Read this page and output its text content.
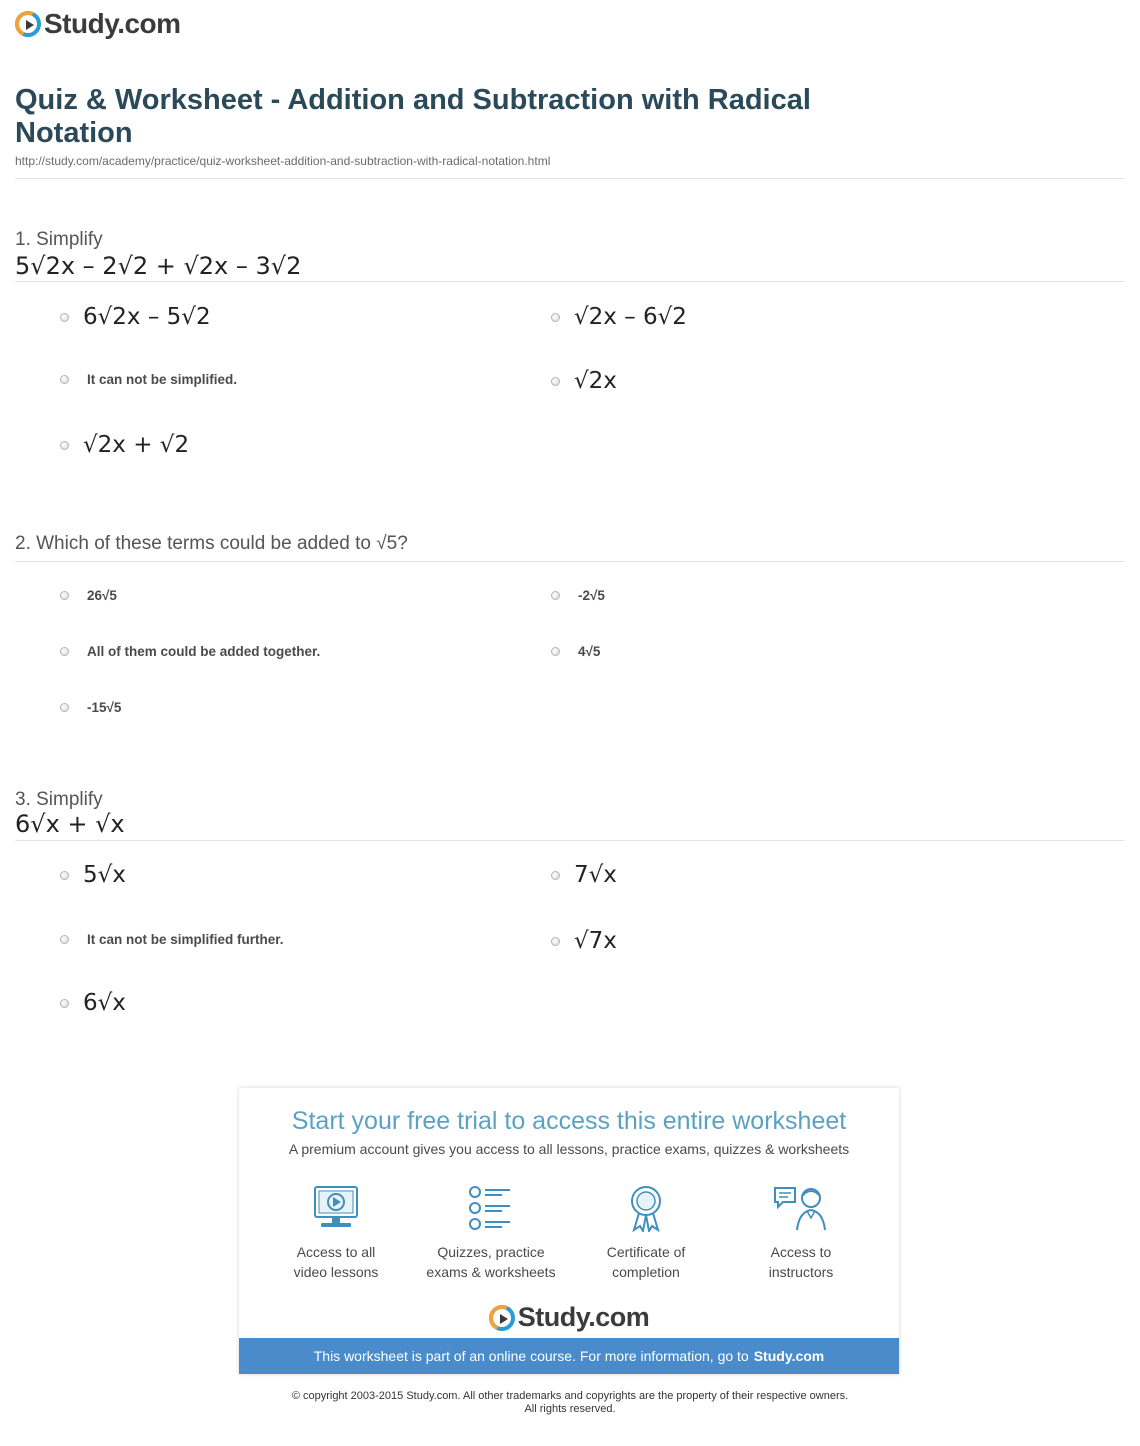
Study.com
Quiz & Worksheet - Addition and Subtraction with Radical Notation
http://study.com/academy/practice/quiz-worksheet-addition-and-subtraction-with-radical-notation.html
1. Simplify
5√2x – 2√2 + √2x – 3√2
6√2x – 5√2	√2x – 6√2
It can not be simplified.	√2x
√2x + √2
2. Which of these terms could be added to √5?
26√5	-2√5
All of them could be added together.	4√5
-15√5
3. Simplify
6√x + √x
5√x	7√x
It can not be simplified further.	√7x
6√x
Start your free trial to access this entire worksheet
A premium account gives you access to all lessons, practice exams, quizzes & worksheets
Access to all
video lessons
Quizzes, practice
exams & worksheets
Certificate of
completion
Access to
instructors
Study.com
This worksheet is part of an online course. For more information, go to Study.com
© copyright 2003-2015 Study.com. All other trademarks and copyrights are the property of their respective owners.
All rights reserved.
